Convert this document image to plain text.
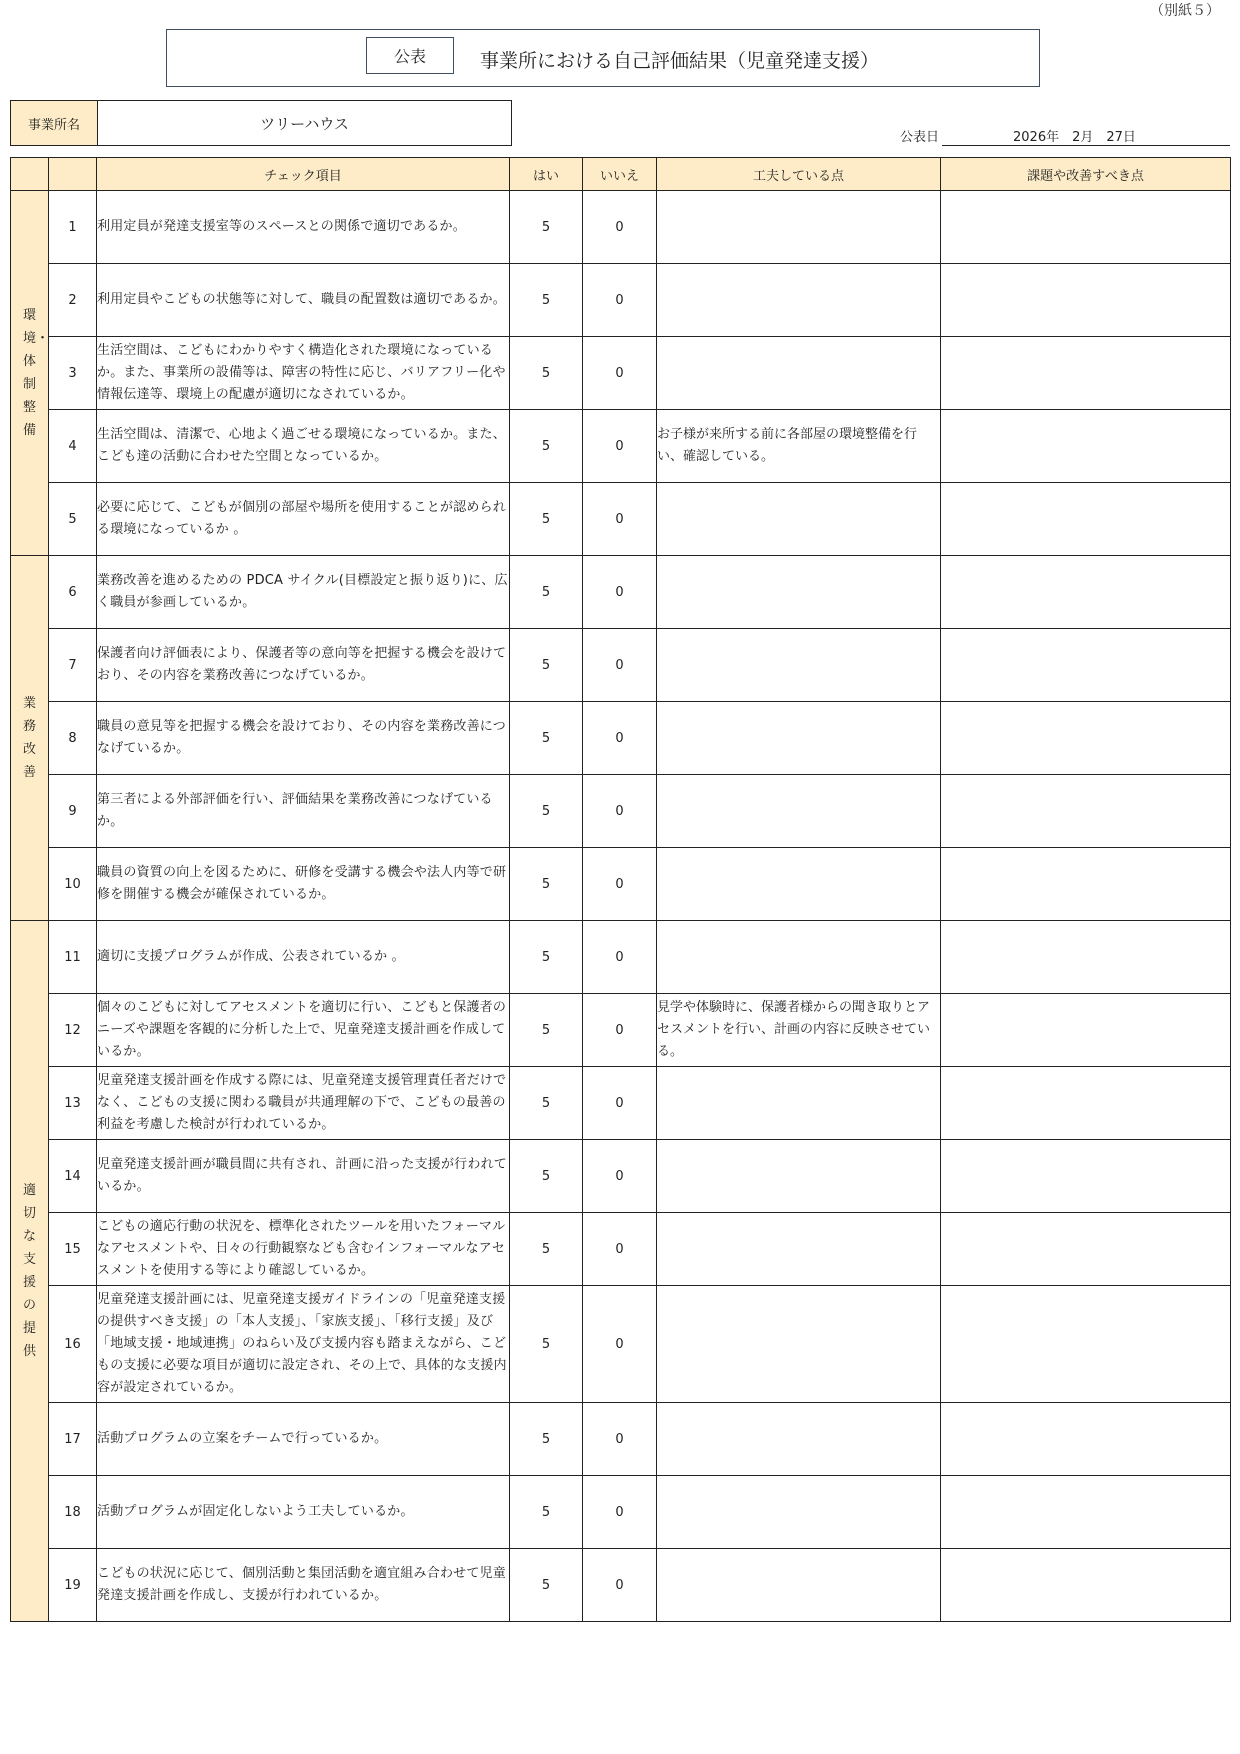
（別紙５）
公表	事業所における自己評価結果（児童発達支援）
事業所名	ツリーハウス
公表日	2026年　2月　27日
		チェック項目	はい	いいえ	工夫している点	課題や改善すべき点

環境・体制整備	1	利用定員が発達支援室等のスペースとの関係で適切であるか。	5	0		
	2	利用定員やこどもの状態等に対して、職員の配置数は適切であるか。	5	0		
	3	生活空間は、こどもにわかりやすく構造化された環境になっているか。また、事業所の設備等は、障害の特性に応じ、バリアフリー化や情報伝達等、環境上の配慮が適切になされているか。	5	0		
	4	生活空間は、清潔で、心地よく過ごせる環境になっているか。また、こども達の活動に合わせた空間となっているか。	5	0	お子様が来所する前に各部屋の環境整備を行い、確認している。	
	5	必要に応じて、こどもが個別の部屋や場所を使用することが認められる環境になっているか 。	5	0		

業務改善	6	業務改善を進めるための PDCA サイクル(目標設定と振り返り)に、広く職員が参画しているか。	5	0		
	7	保護者向け評価表により、保護者等の意向等を把握する機会を設けており、その内容を業務改善につなげているか。	5	0		
	8	職員の意見等を把握する機会を設けており、その内容を業務改善につなげているか。	5	0		
	9	第三者による外部評価を行い、評価結果を業務改善につなげているか。	5	0		
	10	職員の資質の向上を図るために、研修を受講する機会や法人内等で研修を開催する機会が確保されているか。	5	0		

適切な支援の提供	11	適切に支援プログラムが作成、公表されているか 。	5	0		
	12	個々のこどもに対してアセスメントを適切に行い、こどもと保護者のニーズや課題を客観的に分析した上で、児童発達支援計画を作成しているか。	5	0	見学や体験時に、保護者様からの聞き取りとアセスメントを行い、計画の内容に反映させている。	
	13	児童発達支援計画を作成する際には、児童発達支援管理責任者だけでなく、こどもの支援に関わる職員が共通理解の下で、こどもの最善の利益を考慮した検討が行われているか。	5	0		
	14	児童発達支援計画が職員間に共有され、計画に沿った支援が行われているか。	5	0		
	15	こどもの適応行動の状況を、標準化されたツールを用いたフォーマルなアセスメントや、日々の行動観察なども含むインフォーマルなアセスメントを使用する等により確認しているか。	5	0		
	16	児童発達支援計画には、児童発達支援ガイドラインの「児童発達支援の提供すべき支援」の「本人支援」、「家族支援」、「移行支援」及び「地域支援・地域連携」のねらい及び支援内容も踏まえながら、こどもの支援に必要な項目が適切に設定され、その上で、具体的な支援内容が設定されているか。	5	0		
	17	活動プログラムの立案をチームで行っているか。	5	0		
	18	活動プログラムが固定化しないよう工夫しているか。	5	0		
	19	こどもの状況に応じて、個別活動と集団活動を適宜組み合わせて児童発達支援計画を作成し、支援が行われているか。	5	0		
